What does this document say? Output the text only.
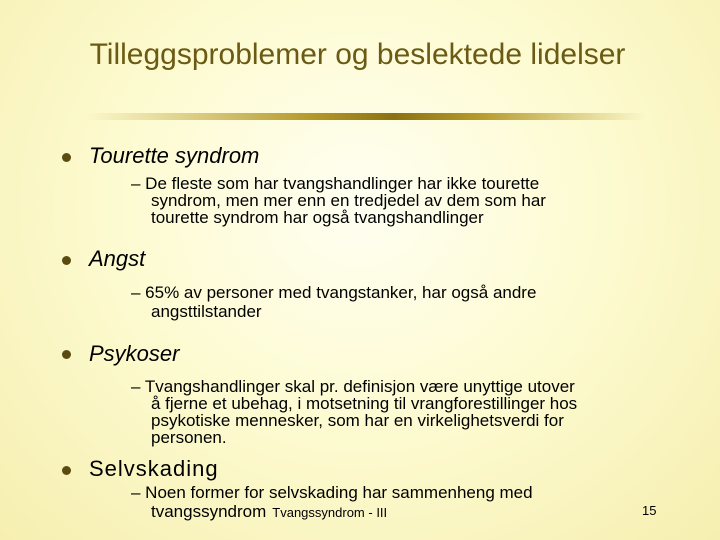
Tilleggsproblemer og beslektede lidelser
Tourette syndrom
– De fleste som har tvangshandlinger har ikke tourette
syndrom, men mer enn en tredjedel av dem som har
tourette syndrom har også tvangshandlinger
Angst
– 65% av personer med tvangstanker, har også andre
angsttilstander
Psykoser
– Tvangshandlinger skal pr. definisjon være unyttige utover
å fjerne et ubehag, i motsetning til vrangforestillinger hos
psykotiske mennesker, som har en virkelighetsverdi for
personen.
Selvskading
– Noen former for selvskading har sammenheng med
tvangssyndrom Tvangssyndrom - III	15
